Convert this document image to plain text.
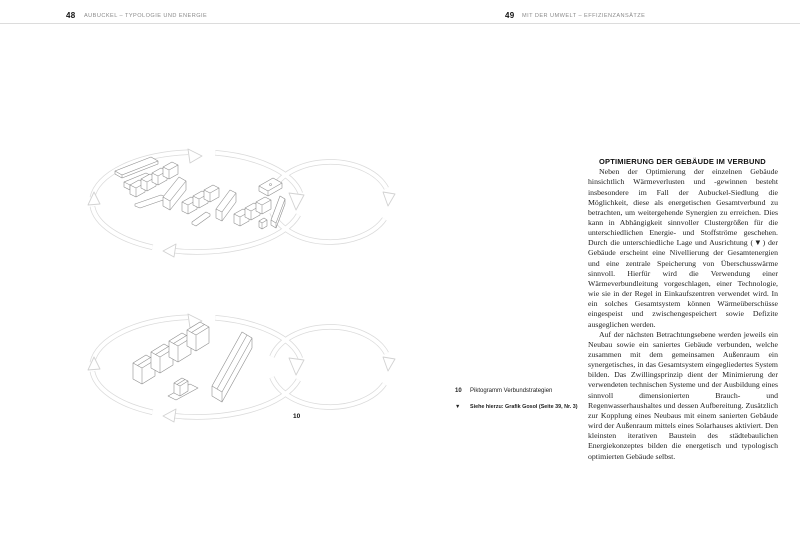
48 AUBUCKEL – TYPOLOGIE UND ENERGIE	49 MIT DER UMWELT – EFFIZIENZANSÄTZE
10
10	Piktogramm Verbundstrategien
▼	Siehe hierzu: Grafik Gosol (Seite 39, Nr. 3)
OPTIMIERUNG DER GEBÄUDE IM VERBUND

Neben der Optimierung der einzelnen Gebäude hinsichtlich Wärmeverlusten und -gewinnen besteht insbesondere im Fall der Aubuckel-Siedlung die Möglichkeit, diese als energetischen Gesamtverbund zu betrachten, um weitergehende Synergien zu erreichen. Dies kann in Abhängigkeit sinnvoller Clustergrößen für die unterschiedlichen Energie- und Stoffströme geschehen. Durch die unterschiedliche Lage und Ausrichtung (▼) der Gebäude erscheint eine Nivellierung der Gesamtenergien und eine zentrale Speicherung von Überschusswärme sinnvoll. Hierfür wird die Verwendung einer Wärmeverbundleitung vorgeschlagen, einer Technologie, wie sie in der Regel in Einkaufszentren verwendet wird. In ein solches Gesamtsystem können Wärmeüberschüsse eingespeist und zwischengespeichert sowie Defizite ausgeglichen werden.

Auf der nächsten Betrachtungsebene werden jeweils ein Neubau sowie ein saniertes Gebäude verbunden, welche zusammen mit dem gemeinsamen Außenraum ein synergetisches, in das Gesamtsystem eingegliedertes System bilden. Das Zwillingsprinzip dient der Minimierung der verwendeten technischen Systeme und der Ausbildung eines sinnvoll dimensionierten Brauch- und Regenwasserhaushaltes und dessen Aufbereitung. Zusätzlich zur Kopplung eines Neubaus mit einem sanierten Gebäude wird der Außenraum mittels eines Solarhauses aktiviert. Den kleinsten iterativen Baustein des städtebaulichen Energiekonzeptes bilden die energetisch und typologisch optimierten Gebäude selbst.
